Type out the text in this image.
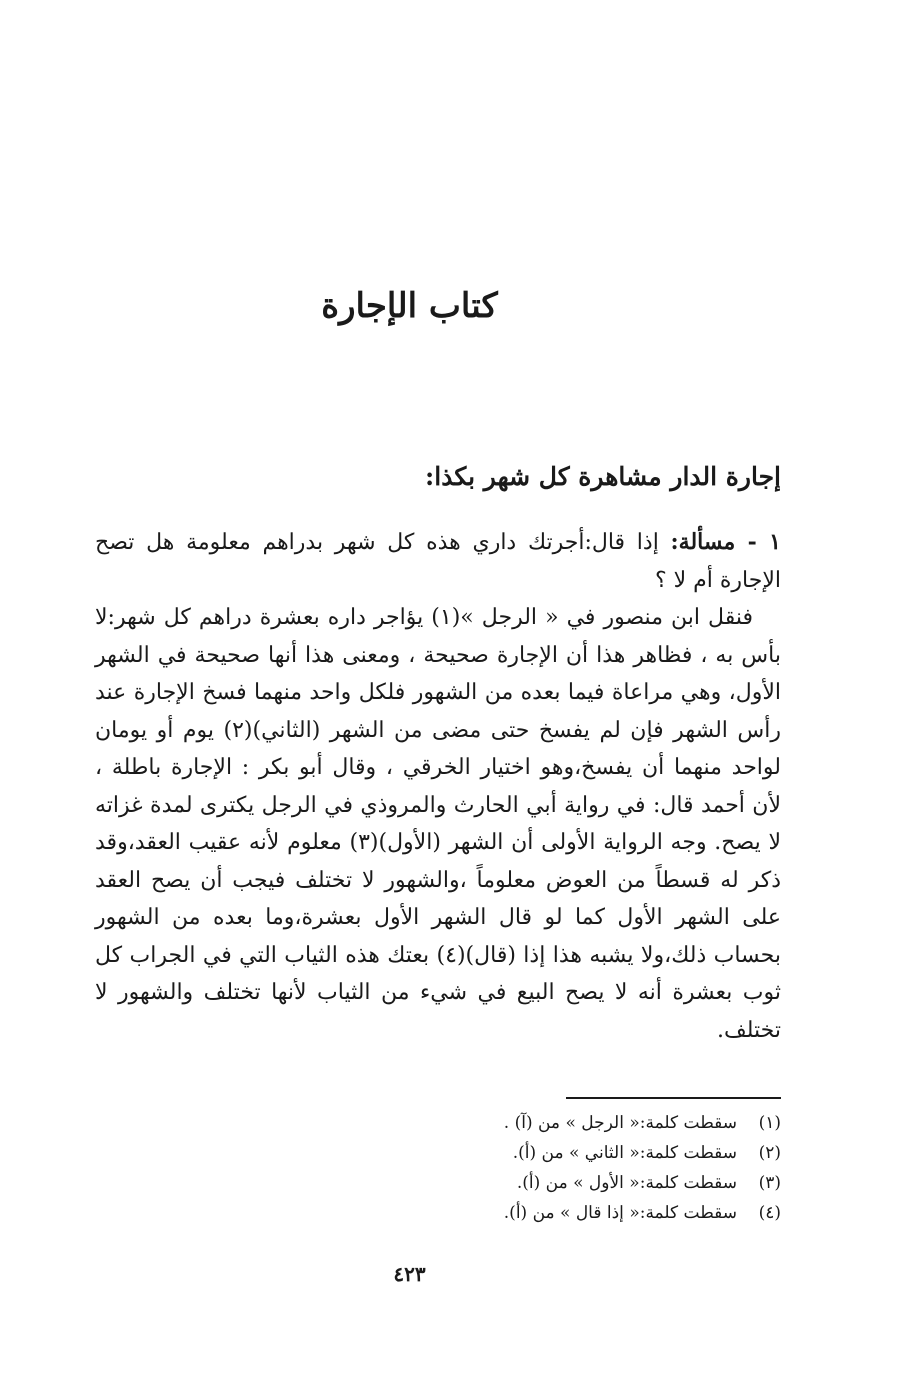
كتاب الإجارة
إجارة الدار مشاهرة كل شهر بكذا:

١ - مسألة: إذا قال:أجرتك داري هذه كل شهر بدراهم معلومة هل تصح الإجارة أم لا ؟

فنقل ابن منصور في « الرجل »(١) يؤاجر داره بعشرة دراهم كل شهر:لا بأس به ، فظاهر هذا أن الإجارة صحيحة ، ومعنى هذا أنها صحيحة في الشهر الأول، وهي مراعاة فيما بعده من الشهور فلكل واحد منهما فسخ الإجارة عند رأس الشهر فإن لم يفسخ حتى مضى من الشهر (الثاني)(٢) يوم أو يومان لواحد منهما أن يفسخ،وهو اختيار الخرقي ، وقال أبو بكر : الإجارة باطلة ، لأن أحمد قال: في رواية أبي الحارث والمروذي في الرجل يكترى لمدة غزاته لا يصح. وجه الرواية الأولى أن الشهر (الأول)(٣) معلوم لأنه عقيب العقد،وقد ذكر له قسطاً من العوض معلوماً ،والشهور لا تختلف فيجب أن يصح العقد على الشهر الأول كما لو قال الشهر الأول بعشرة،وما بعده من الشهور بحساب ذلك،ولا يشبه هذا إذا (قال)(٤) بعتك هذه الثياب التي في الجراب كل ثوب بعشرة أنه لا يصح البيع في شيء من الثياب لأنها تختلف والشهور لا تختلف.

(١)
سقطت كلمة:« الرجل » من (آ) .
(٢)
سقطت كلمة:« الثاني » من (أ).
(٣)
سقطت كلمة:« الأول » من (أ).
(٤)
سقطت كلمة:« إذا قال » من (أ).
٤٢٣
